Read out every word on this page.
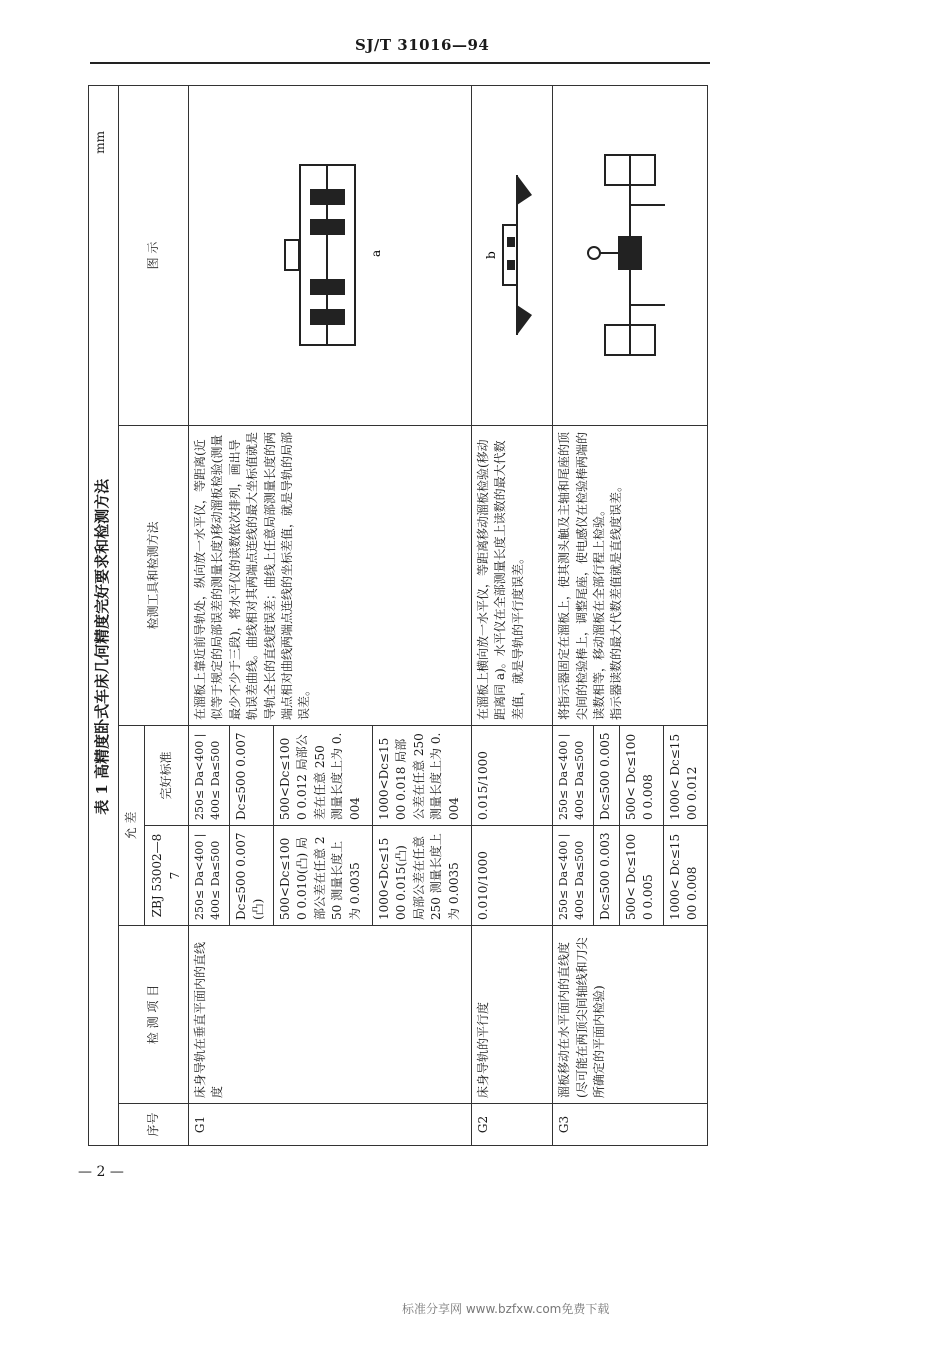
SJ/T 31016—94
表 1 高精度卧式车床几何精度完好要求和检测方法
mm					

序号	检 测 项 目	允 差		检测工具和检测方法	图 示
		ZBJ 53002—87	完好标准		
G1	床身导轨在垂直平面内的直线度	250≤ Da<400 | 400≤ Da≤500	250≤ Da<400 | 400≤ Da≤500	在溜板上靠近前导轨处，纵向放一水平仪，等距离(近似等于规定的局部误差的测量长度)移动溜板检验(测量最少不少于三段)，将水平仪的读数依次排列，画出导轨误差曲线。曲线相对其两端点连线的最大坐标值就是导轨全长的直线度误差；曲线上任意局部测量长度的两端点相对曲线两端点连线的坐标差值，就是导轨的局部误差。	a

		Dc≤500 0.007(凸)	Dc≤500 0.007		
		500<Dc≤1000 0.010(凸) 局部公差在任意 250 测量长度上为 0.0035	500<Dc≤1000 0.012 局部公差在任意 250 测量长度上为 0.004		
		1000<Dc≤1500 0.015(凸) 局部公差在任意 250 测量长度上为 0.0035	1000<Dc≤1500 0.018 局部公差在任意 250 测量长度上为 0.004		
G2	床身导轨的平行度	0.010/1000	0.015/1000	在溜板上横向放一水平仪，等距离移动溜板检验(移动距离同 a)。水平仪在全部测量长度上读数的最大代数差值，就是导轨的平行度误差。	b

G3	溜板移动在水平面内的直线度 (尽可能在两顶尖间轴线和刀尖所确定的平面内检验)	250≤ Da<400 | 400≤ Da≤500	250≤ Da<400 | 400≤ Da≤500	将指示器固定在溜板上，使其测头触及主轴和尾座的顶尖间的检验棒上，调整尾座，使电感仪在检验棒两端的读数相等，移动溜板在全部行程上检验。 指示器读数的最大代数差值就是直线度误差。	

		Dc≤500 0.003	Dc≤500 0.005		
		500< Dc≤1000 0.005	500< Dc≤1000 0.008		
		1000< Dc≤1500 0.008	1000< Dc≤1500 0.012		
— 2 —
标准分享网 www.bzfxw.com免费下载
